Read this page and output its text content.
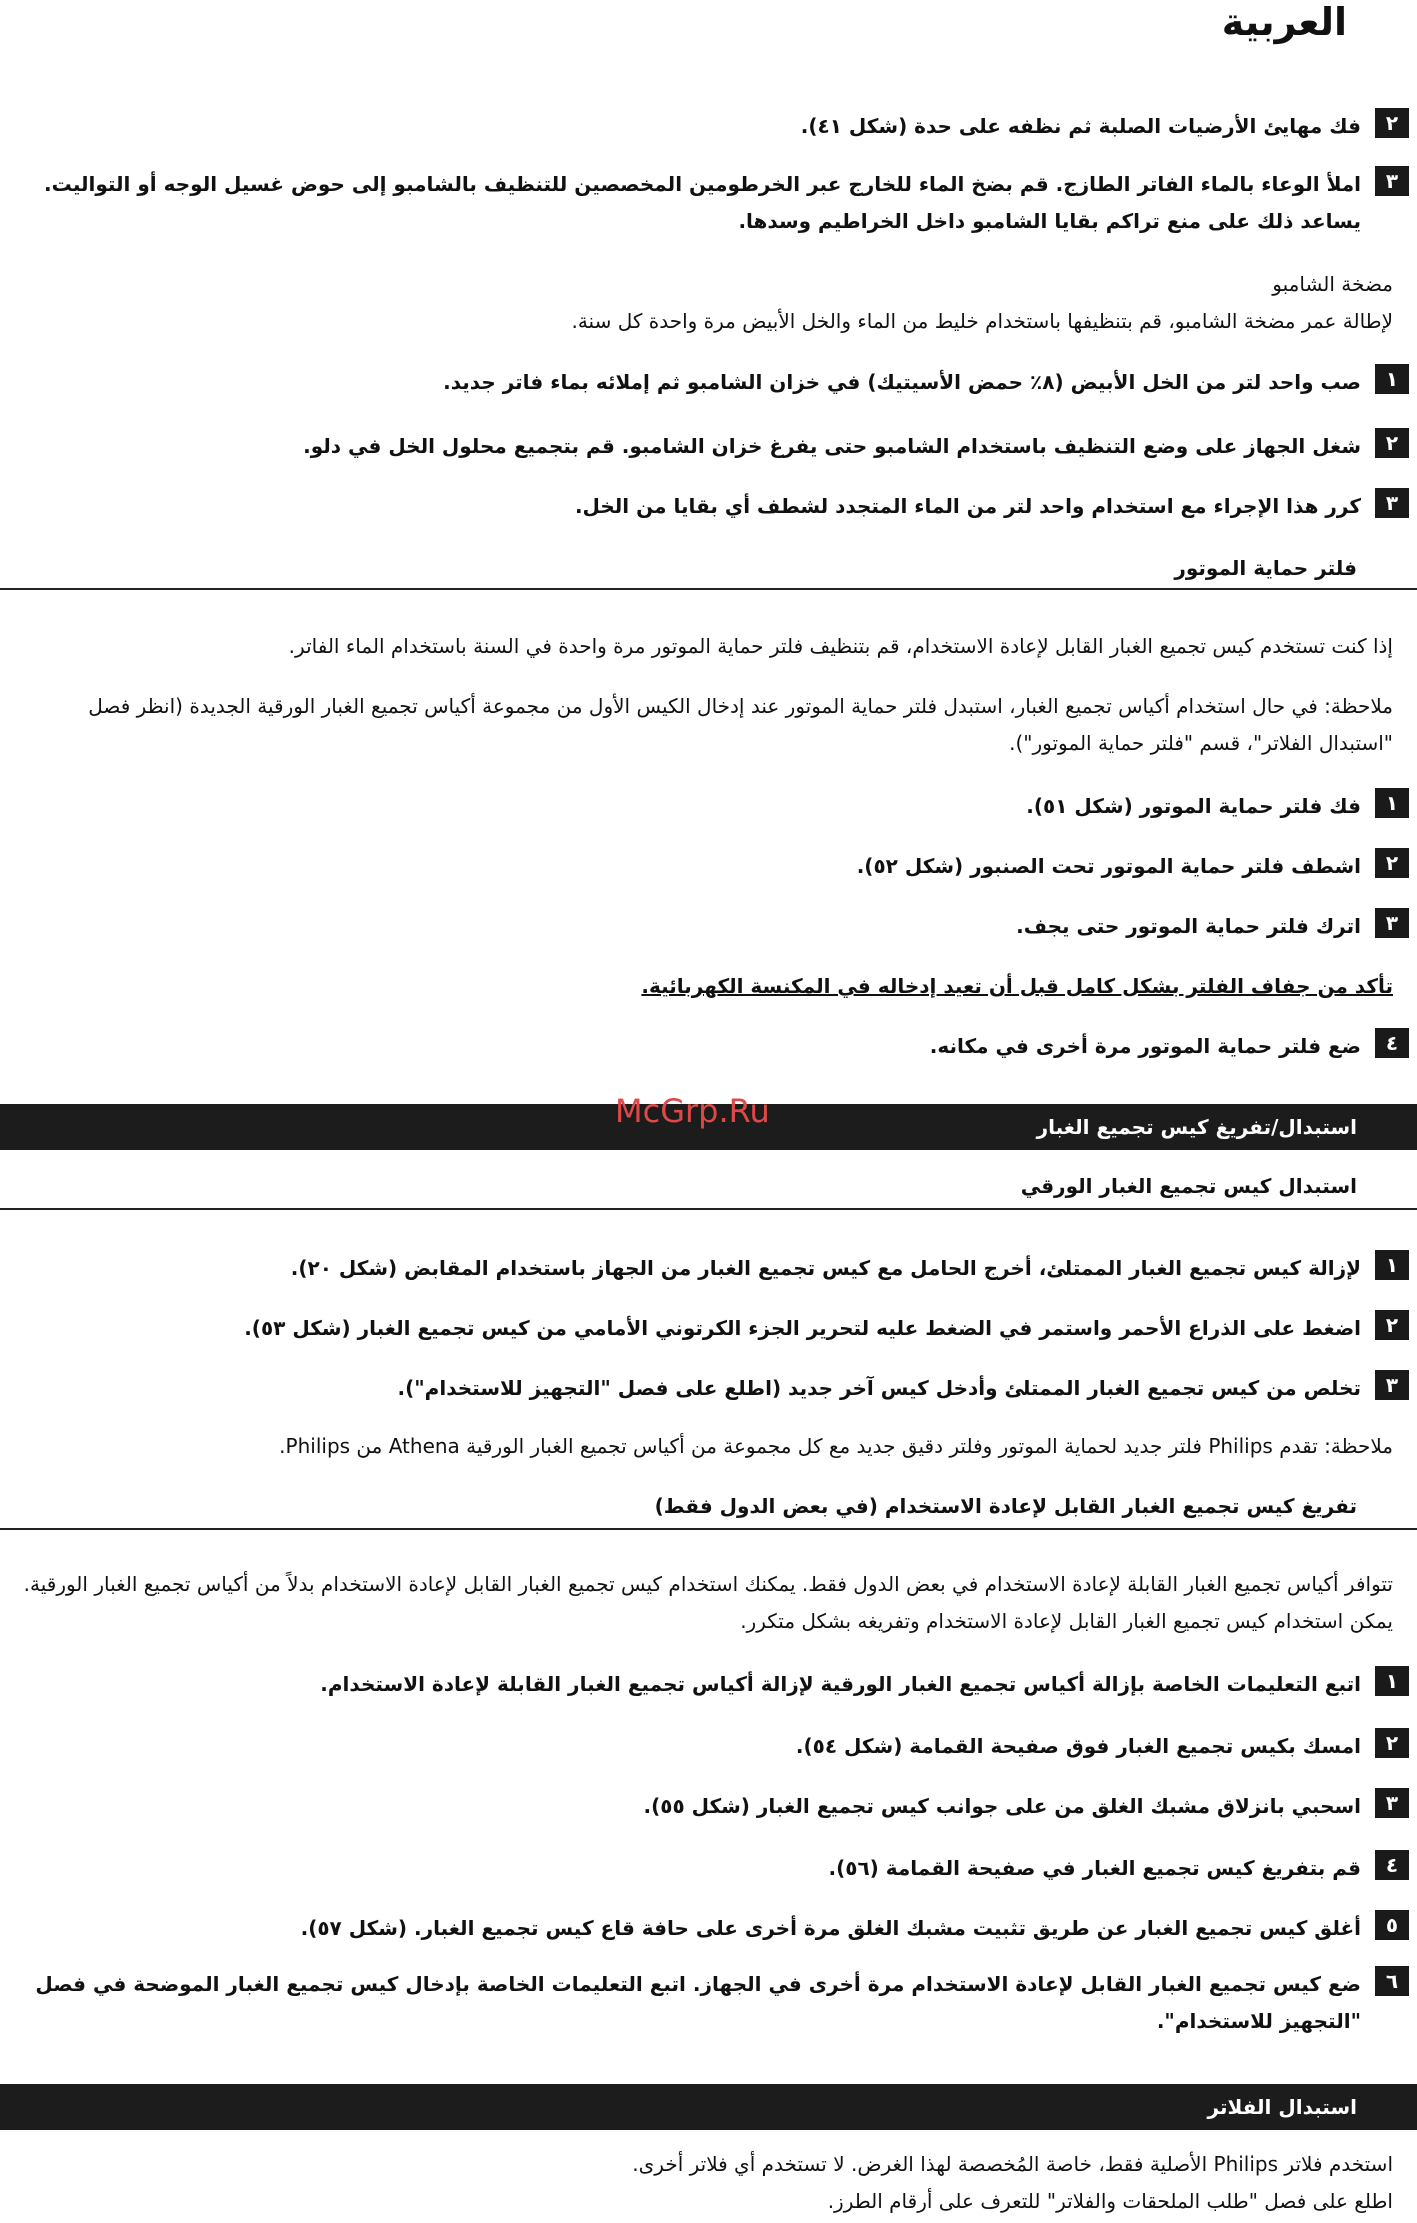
العربية
٢
فك مهايئ الأرضيات الصلبة ثم نظفه على حدة (شكل ٤١).
٣
املأ الوعاء بالماء الفاتر الطازج. قم بضخ الماء للخارج عبر الخرطومين المخصصين للتنظيف بالشامبو إلى حوض غسيل الوجه أو التواليت. يساعد ذلك على منع تراكم بقايا الشامبو داخل الخراطيم وسدها.
مضخة الشامبو
لإطالة عمر مضخة الشامبو، قم بتنظيفها باستخدام خليط من الماء والخل الأبيض مرة واحدة كل سنة.
١
صب واحد لتر من الخل الأبيض (٨٪ حمض الأسيتيك) في خزان الشامبو ثم إملائه بماء فاتر جديد.
٢
شغل الجهاز على وضع التنظيف باستخدام الشامبو حتى يفرغ خزان الشامبو. قم بتجميع محلول الخل في دلو.
٣
كرر هذا الإجراء مع استخدام واحد لتر من الماء المتجدد لشطف أي بقايا من الخل.
فلتر حماية الموتور
إذا كنت تستخدم كيس تجميع الغبار القابل لإعادة الاستخدام، قم بتنظيف فلتر حماية الموتور مرة واحدة في السنة باستخدام الماء الفاتر.
ملاحظة: في حال استخدام أكياس تجميع الغبار، استبدل فلتر حماية الموتور عند إدخال الكيس الأول من مجموعة أكياس تجميع الغبار الورقية الجديدة (انظر فصل "استبدال الفلاتر"، قسم "فلتر حماية الموتور").
١
فك فلتر حماية الموتور (شكل ٥١).
٢
اشطف فلتر حماية الموتور تحت الصنبور (شكل ٥٢).
٣
اترك فلتر حماية الموتور حتى يجف.
تأكد من جفاف الفلتر بشكل كامل قبل أن تعيد إدخاله في المكنسة الكهربائية.
٤
ضع فلتر حماية الموتور مرة أخرى في مكانه.
استبدال/تفريغ كيس تجميع الغبار
McGrp.Ru
استبدال كيس تجميع الغبار الورقي
١
لإزالة كيس تجميع الغبار الممتلئ، أخرج الحامل مع كيس تجميع الغبار من الجهاز باستخدام المقابض (شكل ٢٠).
٢
اضغط على الذراع الأحمر واستمر في الضغط عليه لتحرير الجزء الكرتوني الأمامي من كيس تجميع الغبار (شكل ٥٣).
٣
تخلص من كيس تجميع الغبار الممتلئ وأدخل كيس آخر جديد (اطلع على فصل "التجهيز للاستخدام").
ملاحظة: تقدم Philips فلتر جديد لحماية الموتور وفلتر دقيق جديد مع كل مجموعة من أكياس تجميع الغبار الورقية Athena من Philips.
تفريغ كيس تجميع الغبار القابل لإعادة الاستخدام (في بعض الدول فقط)
تتوافر أكياس تجميع الغبار القابلة لإعادة الاستخدام في بعض الدول فقط. يمكنك استخدام كيس تجميع الغبار القابل لإعادة الاستخدام بدلاً من أكياس تجميع الغبار الورقية. يمكن استخدام كيس تجميع الغبار القابل لإعادة الاستخدام وتفريغه بشكل متكرر.
١
اتبع التعليمات الخاصة بإزالة أكياس تجميع الغبار الورقية لإزالة أكياس تجميع الغبار القابلة لإعادة الاستخدام.
٢
امسك بكيس تجميع الغبار فوق صفيحة القمامة (شكل ٥٤).
٣
اسحبي بانزلاق مشبك الغلق من على جوانب كيس تجميع الغبار (شكل ٥٥).
٤
قم بتفريغ كيس تجميع الغبار في صفيحة القمامة (٥٦).
٥
أغلق كيس تجميع الغبار عن طريق تثبيت مشبك الغلق مرة أخرى على حافة قاع كيس تجميع الغبار. (شكل ٥٧).
٦
ضع كيس تجميع الغبار القابل لإعادة الاستخدام مرة أخرى في الجهاز. اتبع التعليمات الخاصة بإدخال كيس تجميع الغبار الموضحة في فصل "التجهيز للاستخدام".
استبدال الفلاتر
استخدم فلاتر Philips الأصلية فقط، خاصة المُخصصة لهذا الغرض. لا تستخدم أي فلاتر أخرى.
اطلع على فصل "طلب الملحقات والفلاتر" للتعرف على أرقام الطرز.
